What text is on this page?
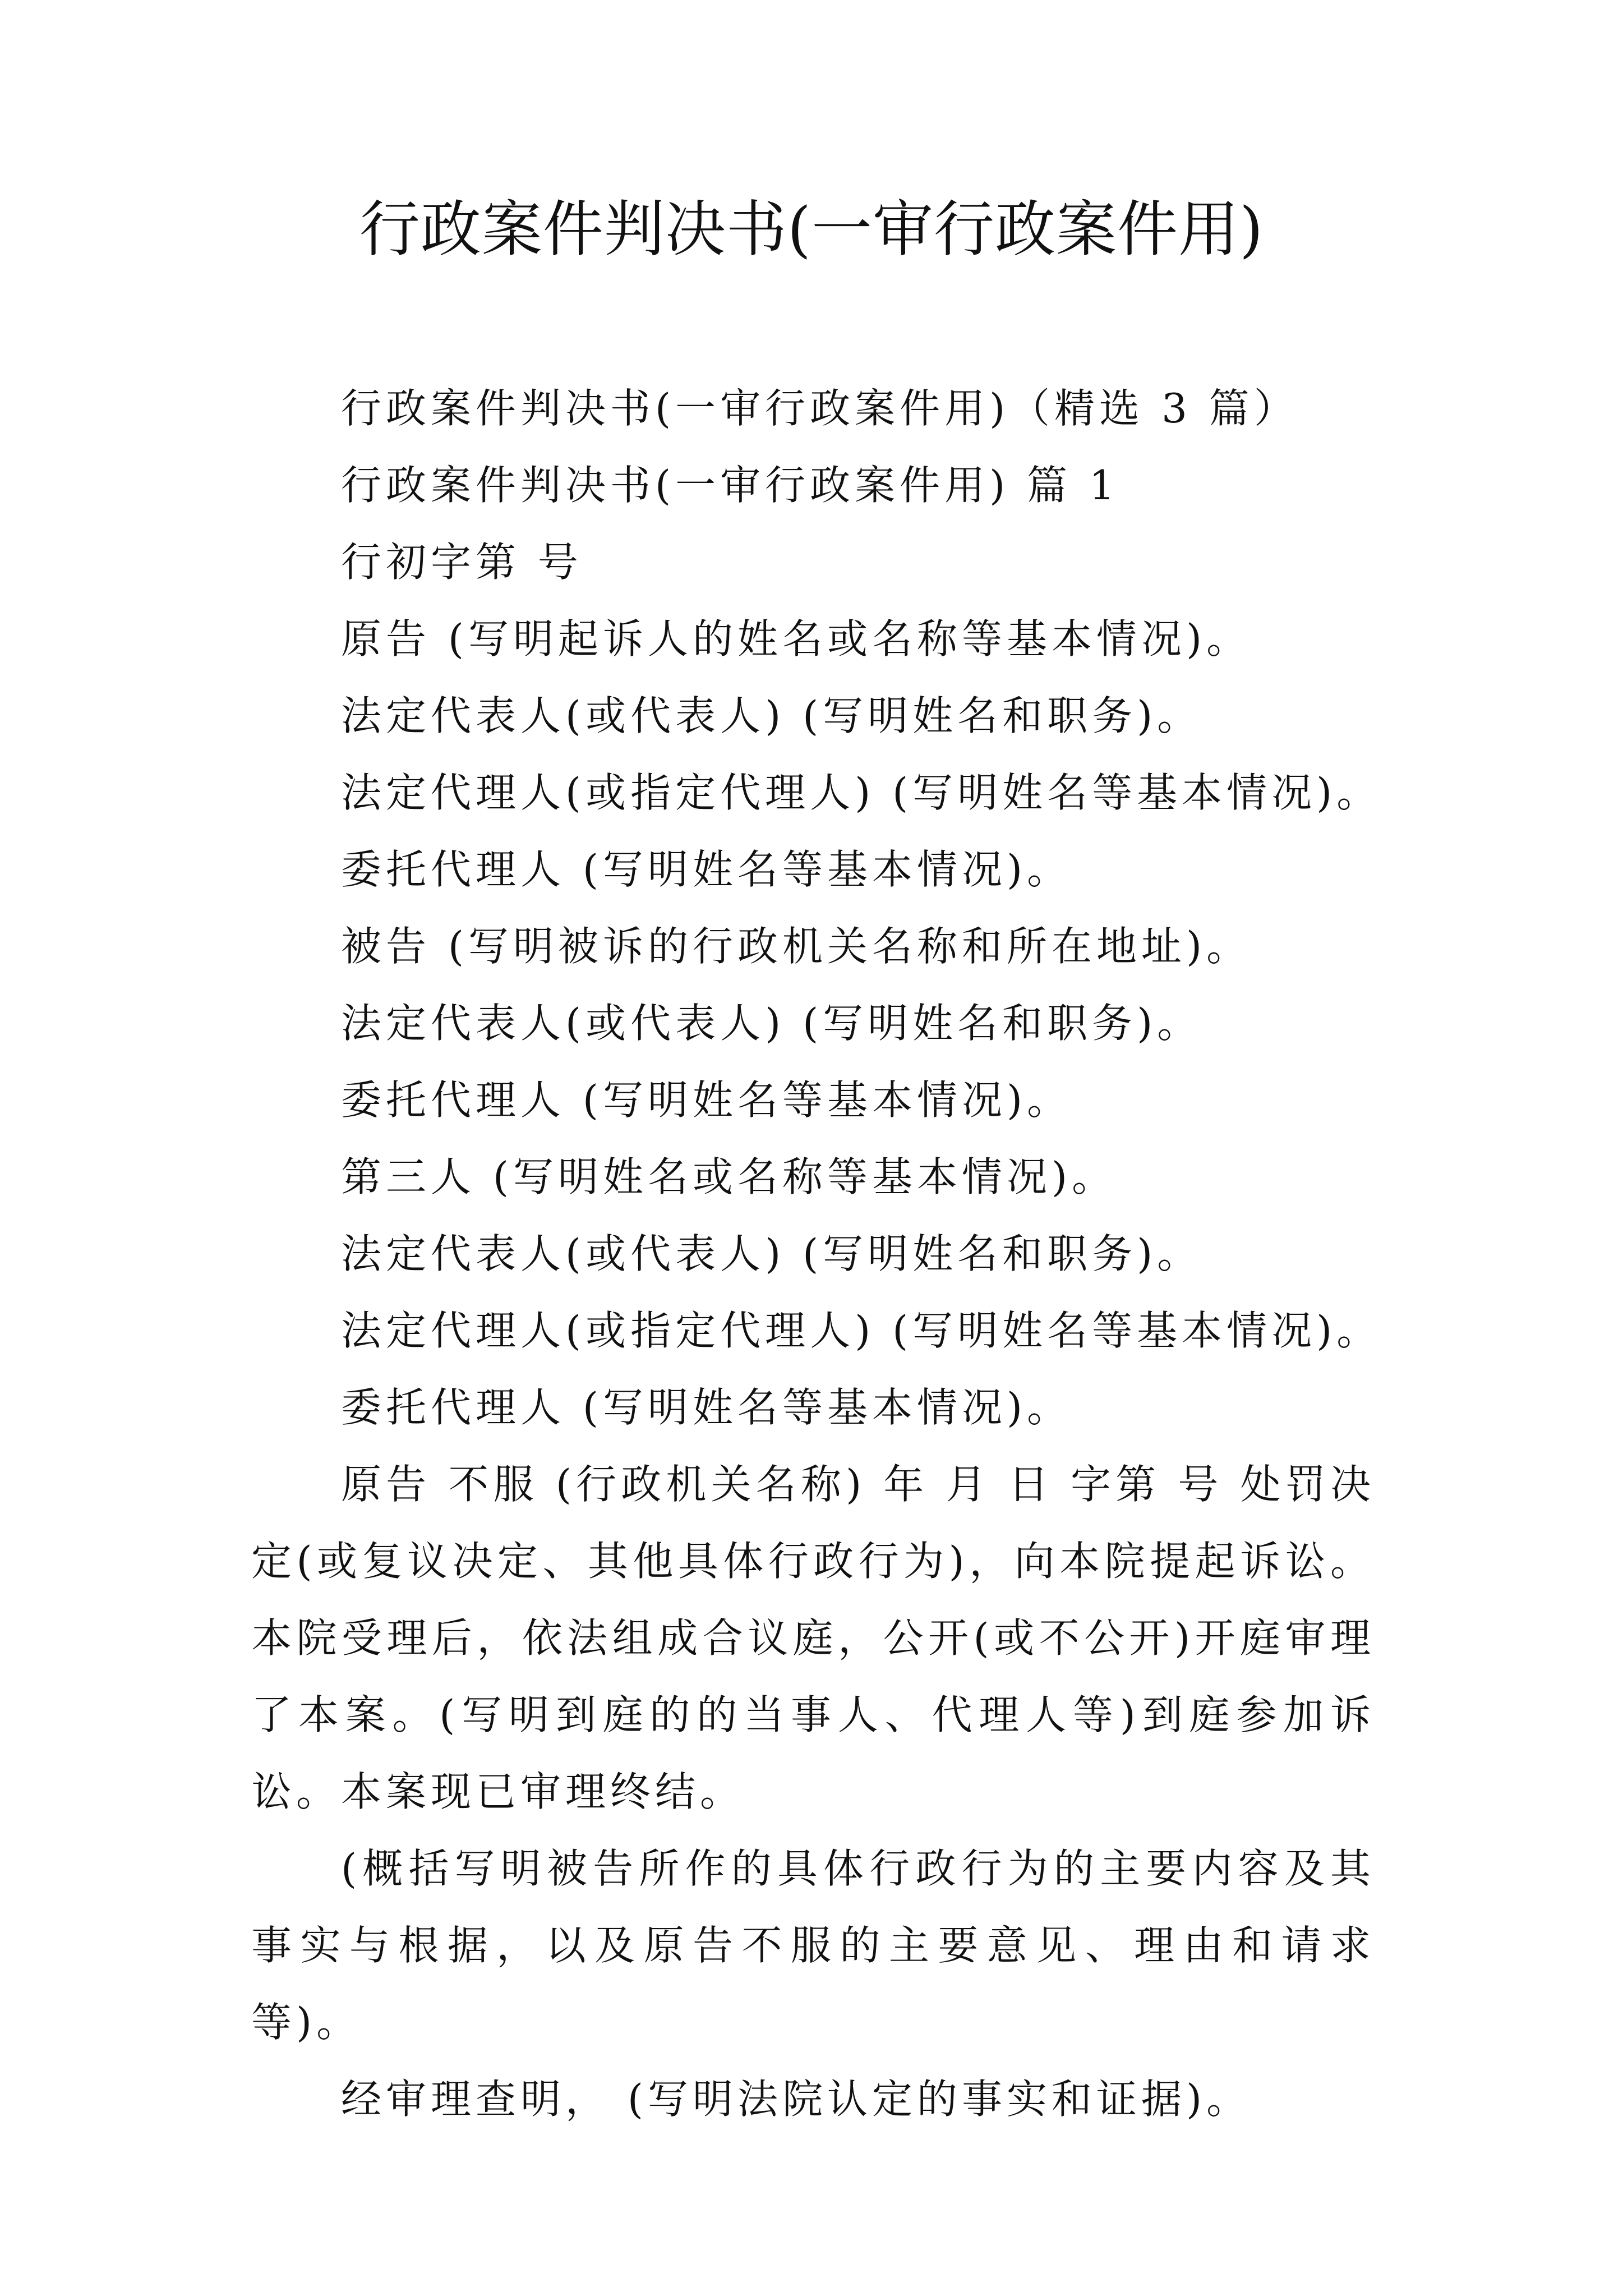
行政案件判决书(一审行政案件用)

行政案件判决书(一审行政案件用)（精选 3 篇）

行政案件判决书(一审行政案件用) 篇 1

行初字第 号

原告 (写明起诉人的姓名或名称等基本情况)。

法定代表人(或代表人) (写明姓名和职务)。

法定代理人(或指定代理人) (写明姓名等基本情况)。

委托代理人 (写明姓名等基本情况)。

被告 (写明被诉的行政机关名称和所在地址)。

法定代表人(或代表人) (写明姓名和职务)。

委托代理人 (写明姓名等基本情况)。

第三人 (写明姓名或名称等基本情况)。

法定代表人(或代表人) (写明姓名和职务)。

法定代理人(或指定代理人) (写明姓名等基本情况)。

委托代理人 (写明姓名等基本情况)。

原告 不服 (行政机关名称) 年 月 日 字第 号 处罚决定(或复议决定、其他具体行政行为)，向本院提起诉讼。本院受理后，依法组成合议庭，公开(或不公开)开庭审理了本案。(写明到庭的的当事人、代理人等)到庭参加诉讼。本案现已审理终结。

(概括写明被告所作的具体行政行为的主要内容及其事实与根据，以及原告不服的主要意见、理由和请求等)。

经审理查明， (写明法院认定的事实和证据)。
